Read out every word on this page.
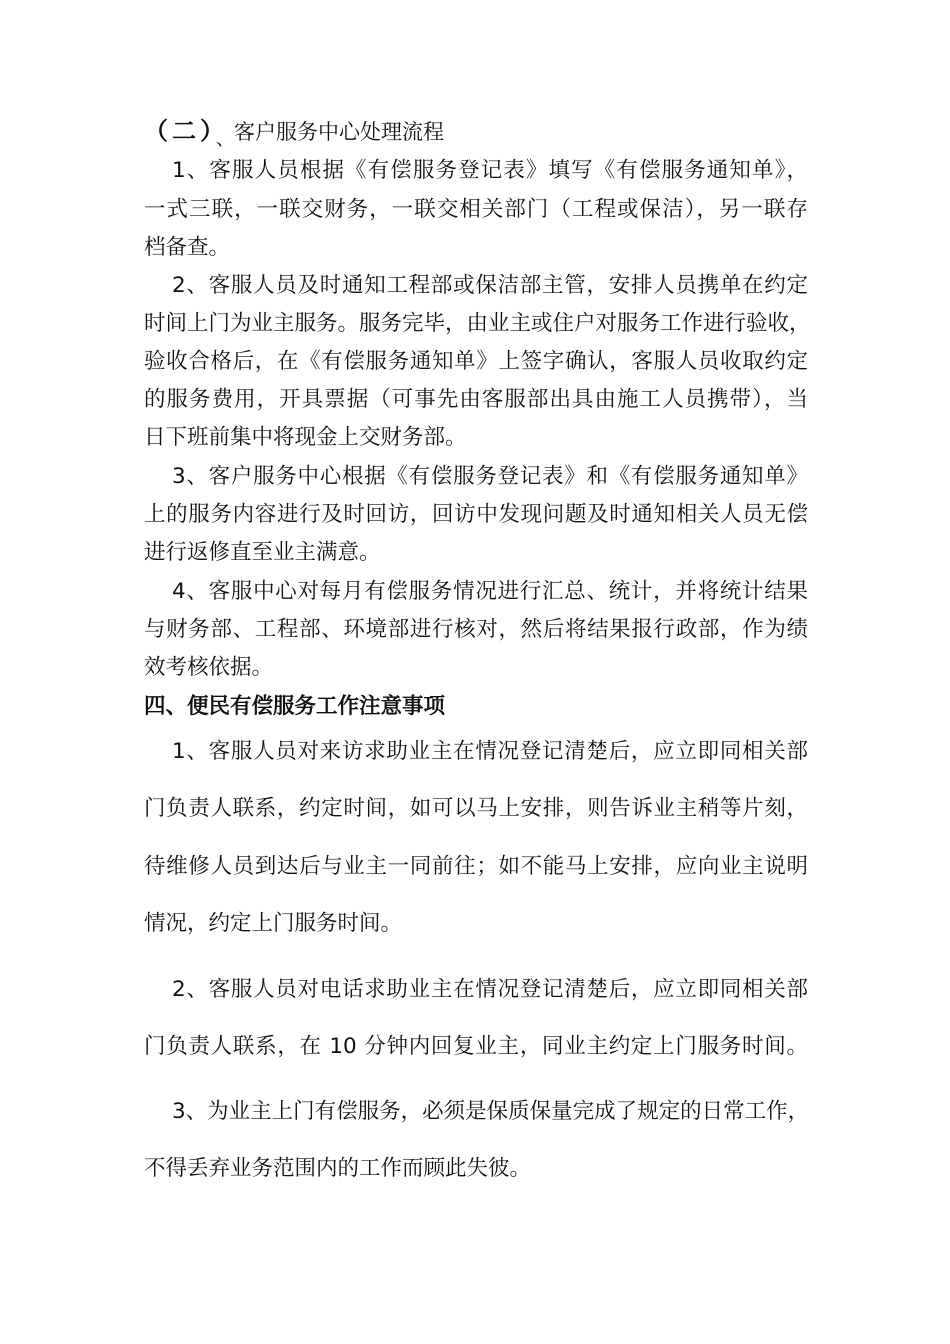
（二）、客户服务中心处理流程
1、客服人员根据《有偿服务登记表》填写《有偿服务通知单》，
一式三联，一联交财务，一联交相关部门（工程或保洁），另一联存
档备查。
2、客服人员及时通知工程部或保洁部主管，安排人员携单在约定
时间上门为业主服务。服务完毕，由业主或住户对服务工作进行验收，
验收合格后，在《有偿服务通知单》上签字确认，客服人员收取约定
的服务费用，开具票据（可事先由客服部出具由施工人员携带），当
日下班前集中将现金上交财务部。
3、客户服务中心根据《有偿服务登记表》和《有偿服务通知单》
上的服务内容进行及时回访，回访中发现问题及时通知相关人员无偿
进行返修直至业主满意。
4、客服中心对每月有偿服务情况进行汇总、统计，并将统计结果
与财务部、工程部、环境部进行核对，然后将结果报行政部，作为绩
效考核依据。
四、便民有偿服务工作注意事项
1、客服人员对来访求助业主在情况登记清楚后，应立即同相关部
门负责人联系，约定时间，如可以马上安排，则告诉业主稍等片刻，
待维修人员到达后与业主一同前往；如不能马上安排，应向业主说明
情况，约定上门服务时间。
2、客服人员对电话求助业主在情况登记清楚后，应立即同相关部
门负责人联系，在 10 分钟内回复业主，同业主约定上门服务时间。
3、为业主上门有偿服务，必须是保质保量完成了规定的日常工作，
不得丢弃业务范围内的工作而顾此失彼。
